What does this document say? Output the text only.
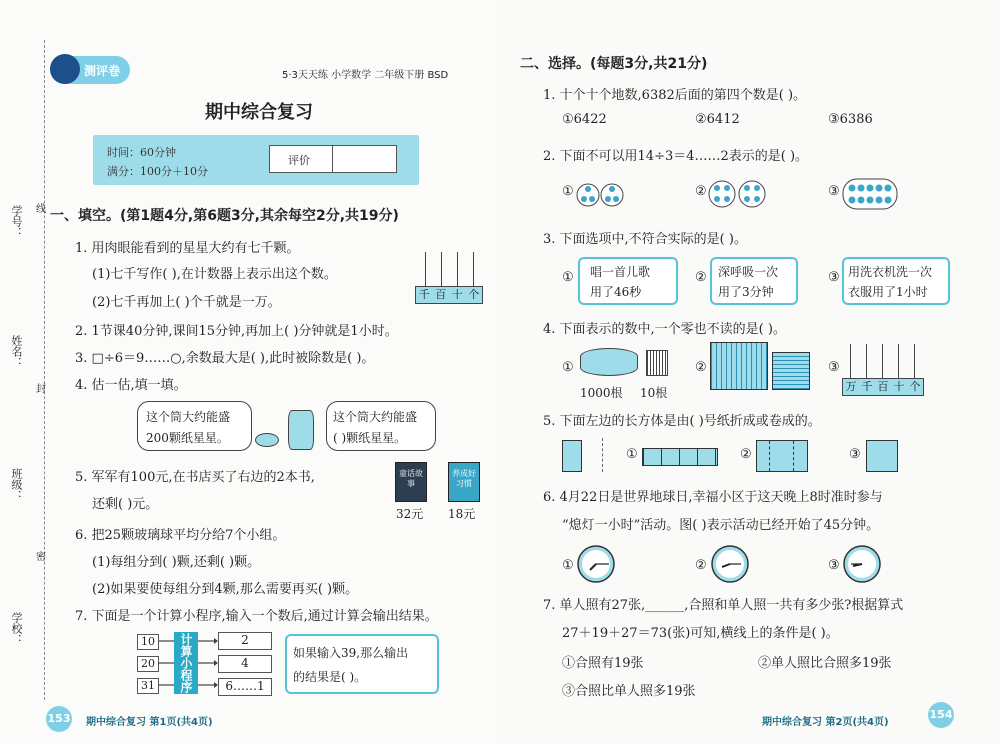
学号： 线
姓名：
封
班级：
密
学校：
测评卷	5·3天天练 小学数学 二年级下册 BSD
期中综合复习
时间：60分钟
满分：100分＋10分
评价
一、填空。(第1题4分,第6题3分,其余每空2分,共19分)
1. 用肉眼能看到的星星大约有七千颗。
(1)七千写作( ),在计数器上表示出这个数。
(2)七千再加上( )个千就是一万。
千 百 十 个
2. 1节课40分钟,课间15分钟,再加上( )分钟就是1小时。
3. □÷6＝9……○,余数最大是( ),此时被除数是( )。
4. 估一估,填一填。
这个筒大约能盛
200颗纸星星。
这个筒大约能盛
( )颗纸星星。
5. 军军有100元,在书店买了右边的2本书,
还剩( )元。
童话故事
养成好习惯
32元 18元
6. 把25颗玻璃球平均分给7个小组。
(1)每组分到( )颗,还剩( )颗。
(2)如果要使每组分到4颗,那么需要再买( )颗。
7. 下面是一个计算小程序,输入一个数后,通过计算会输出结果。
10
20
31	计算小程序	2
4
6……1
如果输入39,那么输出
的结果是( )。
153 期中综合复习 第1页(共4页)
二、选择。(每题3分,共21分)
1. 十个十个地数,6382后面的第四个数是( )。
①6422	②6412	③6386
2. 下面不可以用14÷3＝4……2表示的是( )。
①	②	③
3. 下面选项中,不符合实际的是( )。
① 唱一首儿歌
用了46秒
② 深呼吸一次
用了3分钟
③ 用洗衣机洗一次
衣服用了1小时
4. 下面表示的数中,一个零也不读的是( )。
①
1000根 10根
②	③
万 千 百 十 个
5. 下面左边的长方体是由( )号纸折成或卷成的。
①	②	③
6. 4月22日是世界地球日,幸福小区于这天晚上8时准时参与
“熄灯一小时”活动。图( )表示活动已经开始了45分钟。
①	②	③
7. 单人照有27张,______,合照和单人照一共有多少张?根据算式
27＋19＋27＝73(张)可知,横线上的条件是( )。
①合照有19张	②单人照比合照多19张
③合照比单人照多19张
期中综合复习 第2页(共4页)
154
